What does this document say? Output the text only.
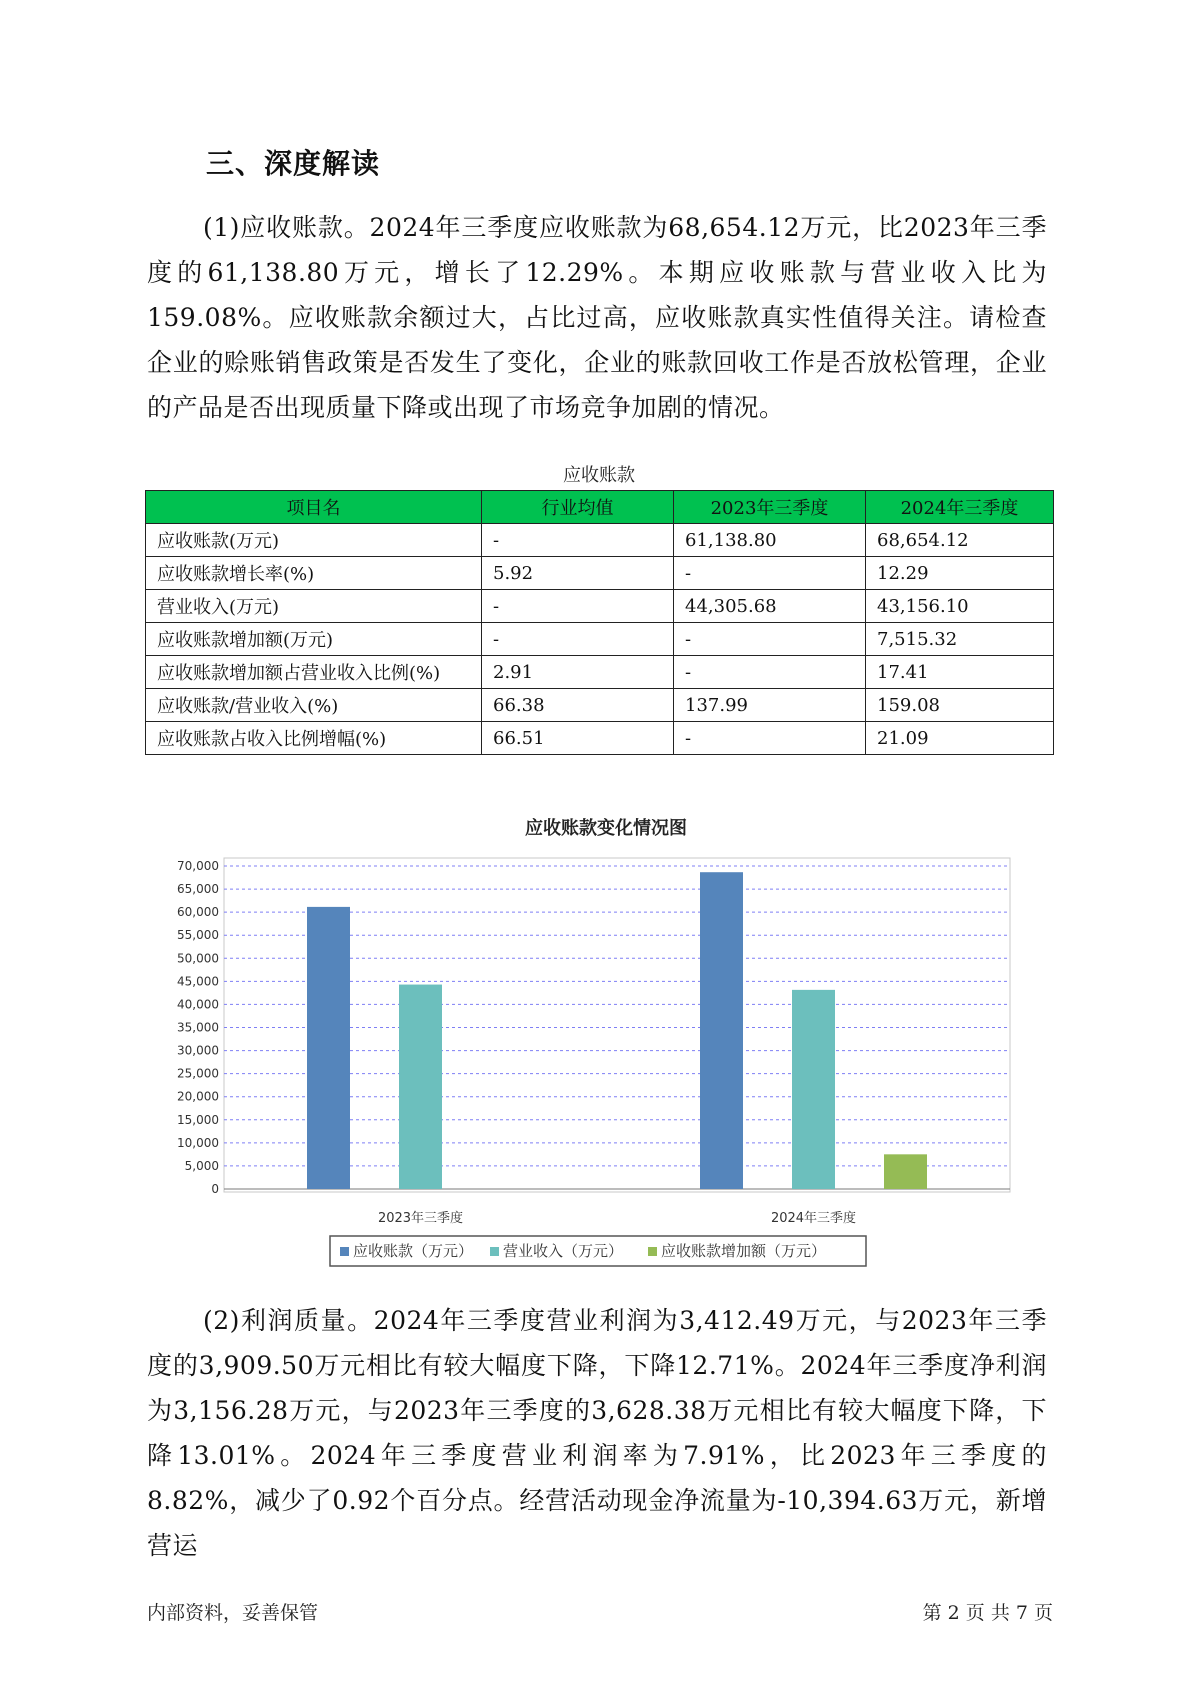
三、深度解读

(1)应收账款。2024年三季度应收账款为68,654.12万元，比2023年三季度的61,138.80万元，增长了12.29%。本期应收账款与营业收入比为159.08%。应收账款余额过大，占比过高，应收账款真实性值得关注。请检查企业的赊账销售政策是否发生了变化，企业的账款回收工作是否放松管理，企业的产品是否出现质量下降或出现了市场竞争加剧的情况。

应收账款
项目名	行业均值	2023年三季度	2024年三季度
应收账款(万元)	-	61,138.80	68,654.12
应收账款增长率(%)	5.92	-	12.29
营业收入(万元)	-	44,305.68	43,156.10
应收账款增加额(万元)	-	-	7,515.32
应收账款增加额占营业收入比例(%)	2.91	-	17.41
应收账款/营业收入(%)	66.38	137.99	159.08
应收账款占收入比例增幅(%)	66.51	-	21.09
应收账款变化情况图
0
5,000
10,000
15,000
20,000
25,000
30,000
35,000
40,000
45,000
50,000
55,000
60,000
65,000
70,000
2023年三季度	2024年三季度
应收账款（万元） 营业收入（万元）	应收账款增加额（万元）

(2)利润质量。2024年三季度营业利润为3,412.49万元，与2023年三季度的3,909.50万元相比有较大幅度下降，下降12.71%。2024年三季度净利润为3,156.28万元，与2023年三季度的3,628.38万元相比有较大幅度下降，下降13.01%。2024年三季度营业利润率为7.91%，比2023年三季度的8.82%，减少了0.92个百分点。经营活动现金净流量为-10,394.63万元，新增营运

内部资料，妥善保管	第 2 页 共 7 页
